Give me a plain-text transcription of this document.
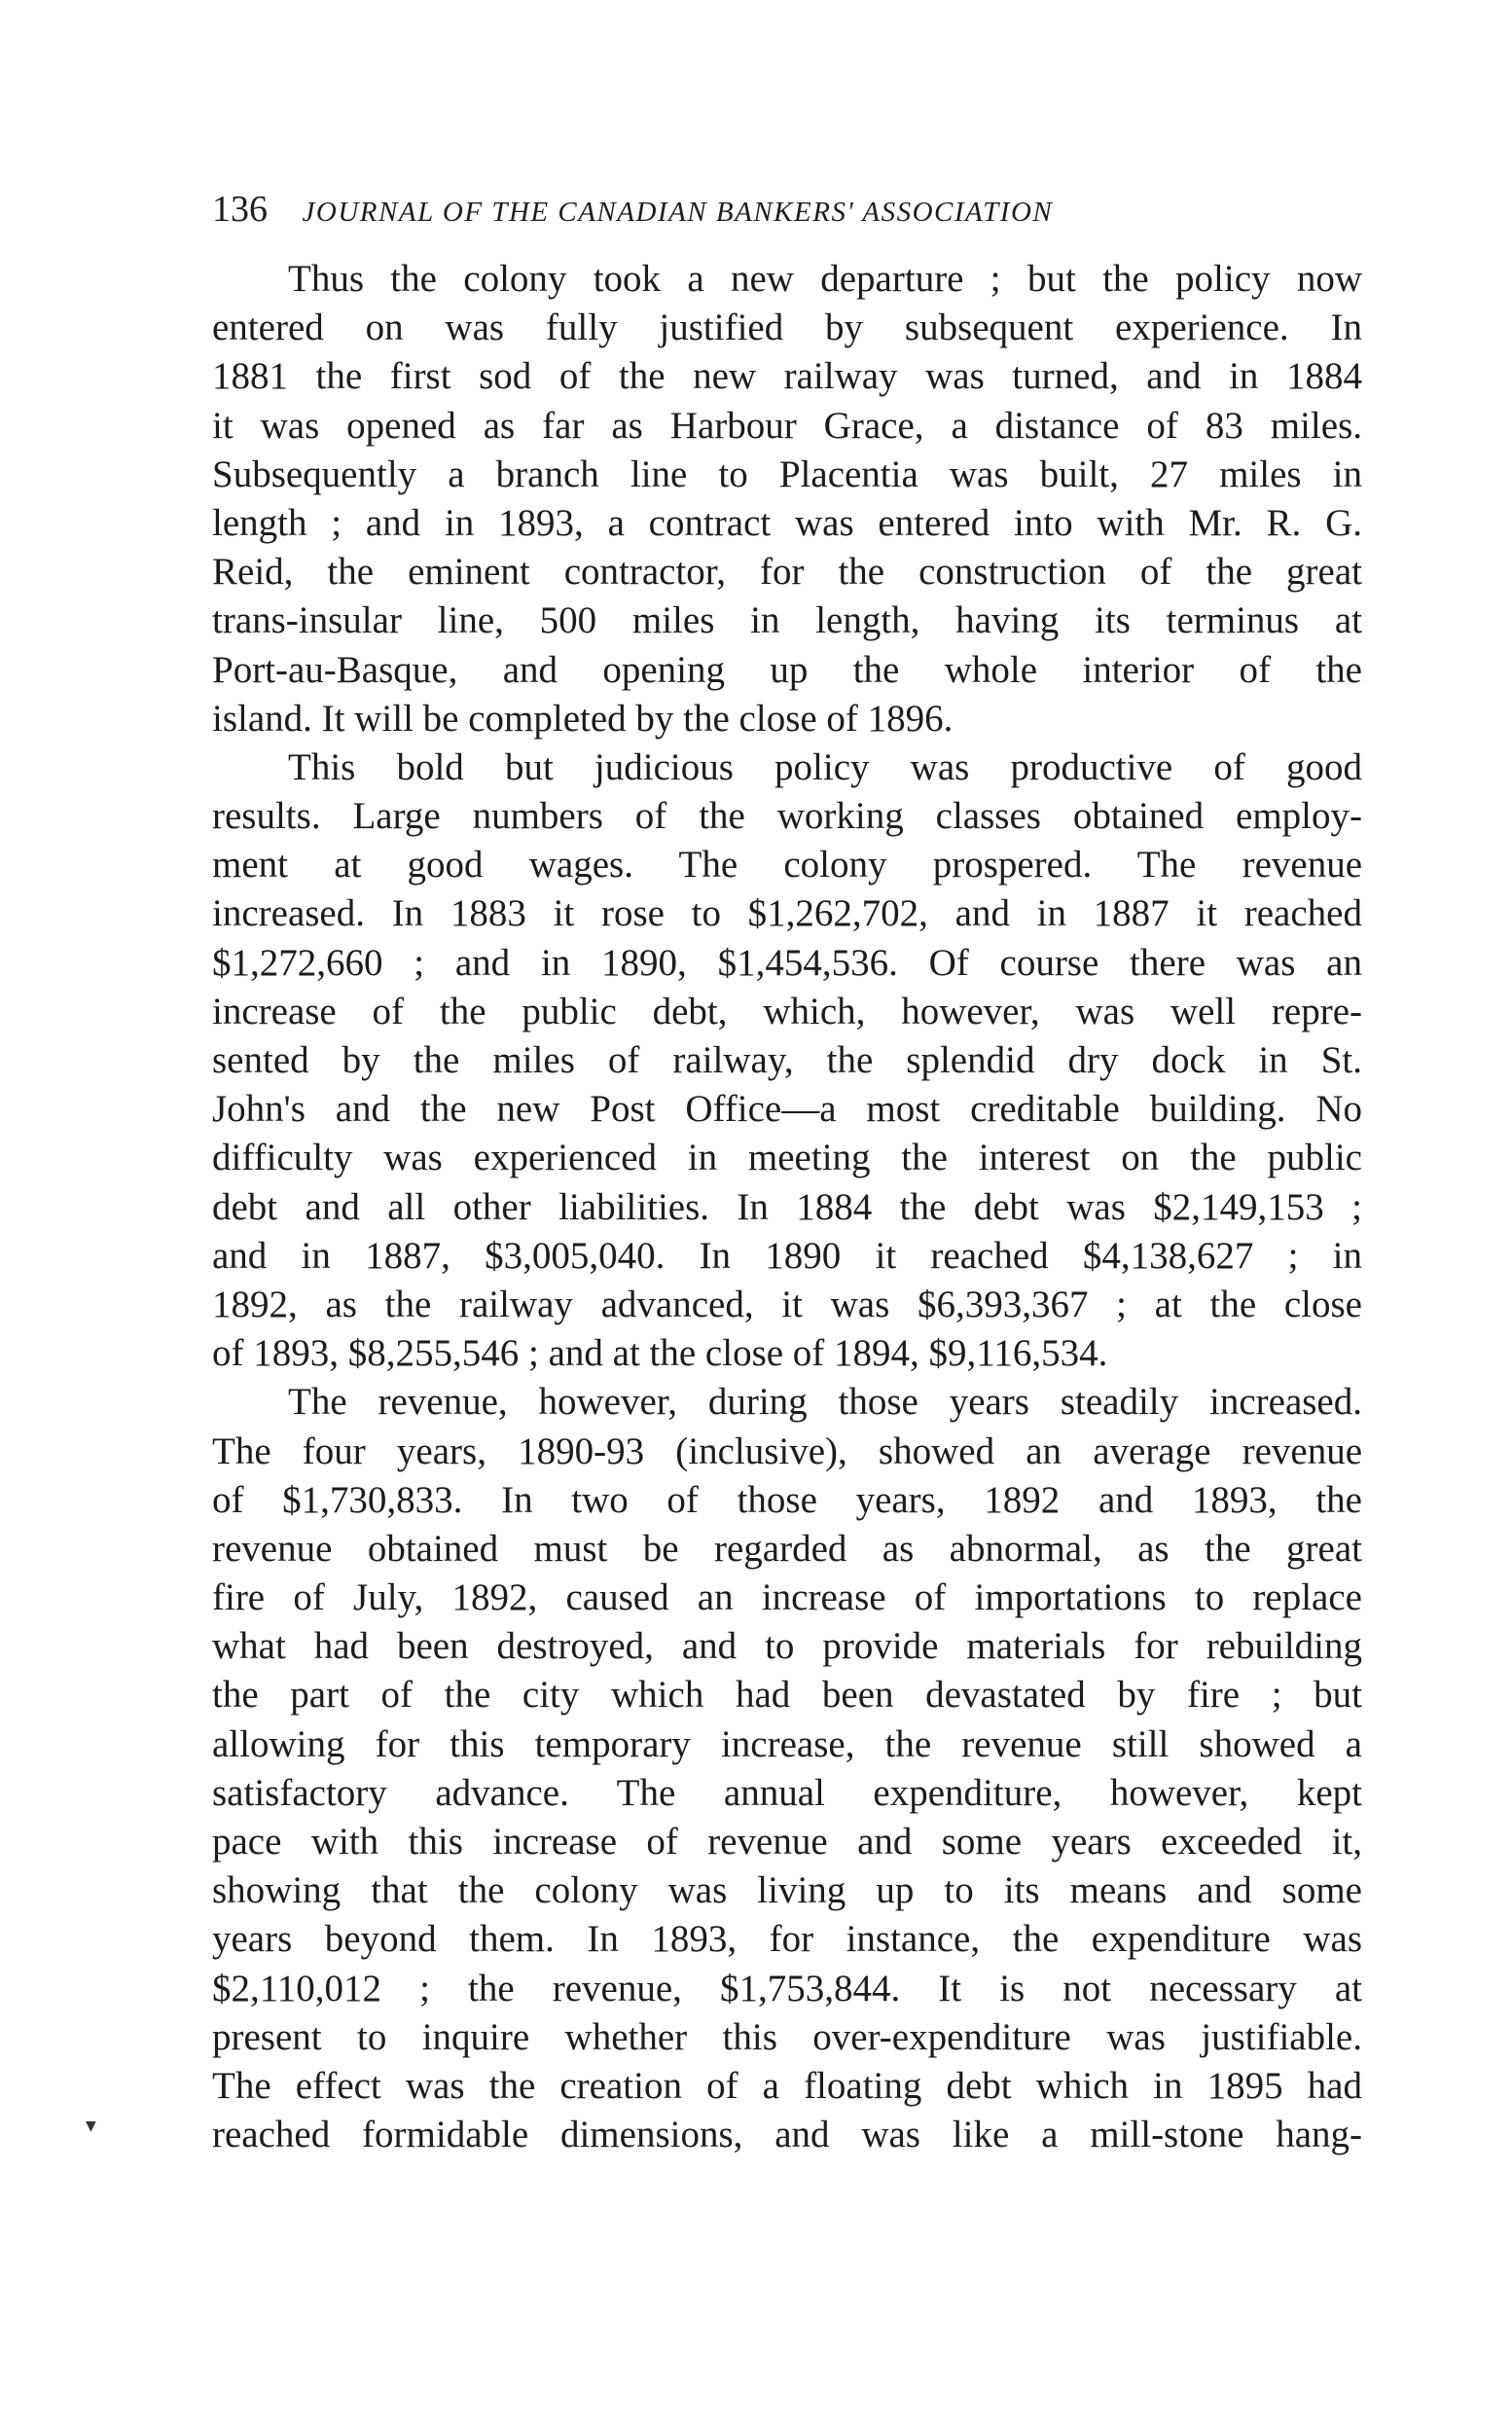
136 JOURNAL OF THE CANADIAN BANKERS' ASSOCIATION
Thus the colony took a new departure ; but the policy now
entered on was fully justified by subsequent experience. In
1881 the first sod of the new railway was turned, and in 1884
it was opened as far as Harbour Grace, a distance of 83 miles.
Subsequently a branch line to Placentia was built, 27 miles in
length ; and in 1893, a contract was entered into with Mr. R. G.
Reid, the eminent contractor, for the construction of the great
trans-insular line, 500 miles in length, having its terminus at
Port-au-Basque, and opening up the whole interior of the
island. It will be completed by the close of 1896.
This bold but judicious policy was productive of good
results. Large numbers of the working classes obtained employ-
ment at good wages. The colony prospered. The revenue
increased. In 1883 it rose to $1,262,702, and in 1887 it reached
$1,272,660 ; and in 1890, $1,454,536. Of course there was an
increase of the public debt, which, however, was well repre-
sented by the miles of railway, the splendid dry dock in St.
John's and the new Post Office—a most creditable building. No
difficulty was experienced in meeting the interest on the public
debt and all other liabilities. In 1884 the debt was $2,149,153 ;
and in 1887, $3,005,040. In 1890 it reached $4,138,627 ; in
1892, as the railway advanced, it was $6,393,367 ; at the close
of 1893, $8,255,546 ; and at the close of 1894, $9,116,534.
The revenue, however, during those years steadily increased.
The four years, 1890-93 (inclusive), showed an average revenue
of $1,730,833. In two of those years, 1892 and 1893, the
revenue obtained must be regarded as abnormal, as the great
fire of July, 1892, caused an increase of importations to replace
what had been destroyed, and to provide materials for rebuilding
the part of the city which had been devastated by fire ; but
allowing for this temporary increase, the revenue still showed a
satisfactory advance. The annual expenditure, however, kept
pace with this increase of revenue and some years exceeded it,
showing that the colony was living up to its means and some
years beyond them. In 1893, for instance, the expenditure was
$2,110,012 ; the revenue, $1,753,844. It is not necessary at
present to inquire whether this over-expenditure was justifiable.
The effect was the creation of a floating debt which in 1895 had
reached formidable dimensions, and was like a mill-stone hang-
▼
